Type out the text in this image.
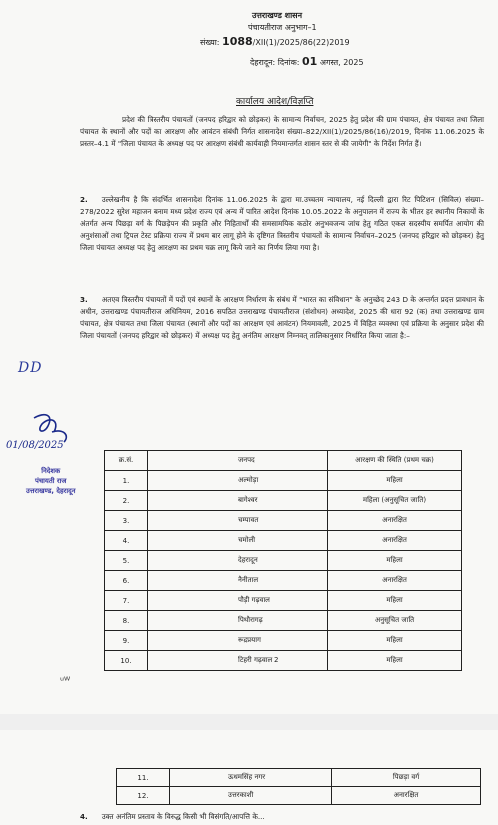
उत्तराखण्ड शासन
पंचायतीराज अनुभाग–1
संख्या: 1088/XII(1)/2025/86(22)2019
देहरादून: दिनांक: 01 अगस्त, 2025
कार्यालय आदेश/विज्ञप्ति

प्रदेश की त्रिस्तरीय पंचायतों (जनपद हरिद्वार को छोड़कर) के सामान्य निर्वाचन, 2025 हेतु प्रदेश की ग्राम पंचायत, क्षेत्र पंचायत तथा जिला पंचायत के स्थानों और पदों का आरक्षण और आवंटन संबंधी निर्गत शासनादेश संख्या–822/XII(1)/2025/86(16)/2019, दिनांक 11.06.2025 के प्रस्तर–4.1 में "जिला पंचायत के अध्यक्ष पद पर आरक्षण संबंधी कार्यवाही नियमान्तर्गत शासन स्तर से की जायेगी" के निर्देश निर्गत हैं।

2. उल्लेखनीय है कि संदर्भित शासनादेश दिनांक 11.06.2025 के द्वारा मा.उच्चतम न्यायालय, नई दिल्ली द्वारा रिट पिटिशन (सिविल) संख्या–278/2022 सुरेश महाजन बनाम मध्य प्रदेश राज्य एवं अन्य में पारित आदेश दिनांक 10.05.2022 के अनुपालन में राज्य के भीतर हर स्थानीय निकायों के अंतर्गत अन्य पिछड़ा वर्ग के पिछड़ेपन की प्रकृति और निहितार्थों की समसामयिक कठोर अनुभवजन्य जांच हेतु गठित एकल सदस्यीय समर्पित आयोग की अनुशंसाओं तथा ट्रिपल टेस्ट प्रक्रिया राज्य में प्रथम बार लागू होने के दृष्टिगत त्रिस्तरीय पंचायतों के सामान्य निर्वाचन–2025 (जनपद हरिद्वार को छोड़कर) हेतु जिला पंचायत अध्यक्ष पद हेतु आरक्षण का प्रथम चक्र लागू किये जाने का निर्णय लिया गया है।

3. अतएव त्रिस्तरीय पंचायतों में पदों एवं स्थानों के आरक्षण निर्धारण के संबंध में "भारत का संविधान" के अनुच्छेद 243 D के अन्तर्गत प्रदत्त प्रावधान के अधीन, उत्तराखण्ड पंचायतीराज अधिनियम, 2016 सपठित उत्तराखण्ड पंचायतीराज (संशोधन) अध्यादेश, 2025 की धारा 92 (क) तथा उत्तराखण्ड ग्राम पंचायत, क्षेत्र पंचायत तथा जिला पंचायत (स्थानों और पदों का आरक्षण एवं आवंटन) नियमावली, 2025 में विहित व्यवस्था एवं प्रक्रिया के अनुसार प्रदेश की जिला पंचायतों (जनपद हरिद्वार को छोड़कर) में अध्यक्ष पद हेतु अनंतिम आरक्षण निम्नवत् तालिकानुसार निर्धारित किया जाता है:–

DD
01/08/2025
निदेशक
पंचायती राज
उत्तराखण्ड, देहरादून
क्र.सं.	जनपद	आरक्षण की स्थिति (प्रथम चक्र)
1.	अल्मोड़ा	महिला
2.	बागेश्वर	महिला (अनुसूचित जाति)
3.	चम्पावत	अनारक्षित
4.	चमोली	अनारक्षित
5.	देहरादून	महिला
6.	नैनीताल	अनारक्षित
7.	पौड़ी गढ़वाल	महिला
8.	पिथौरागढ़	अनुसूचित जाति
9.	रूद्रप्रयाग	महिला
10.	टिहरी गढ़वाल	महिला
2
ᵘᵂ
11.	ऊधमसिंह नगर	पिछड़ा वर्ग
12.	उत्तरकाशी	अनारक्षित
4. उक्त अनंतिम प्रस्ताव के विरुद्ध किसी भी विसंगति/आपत्ति के...
